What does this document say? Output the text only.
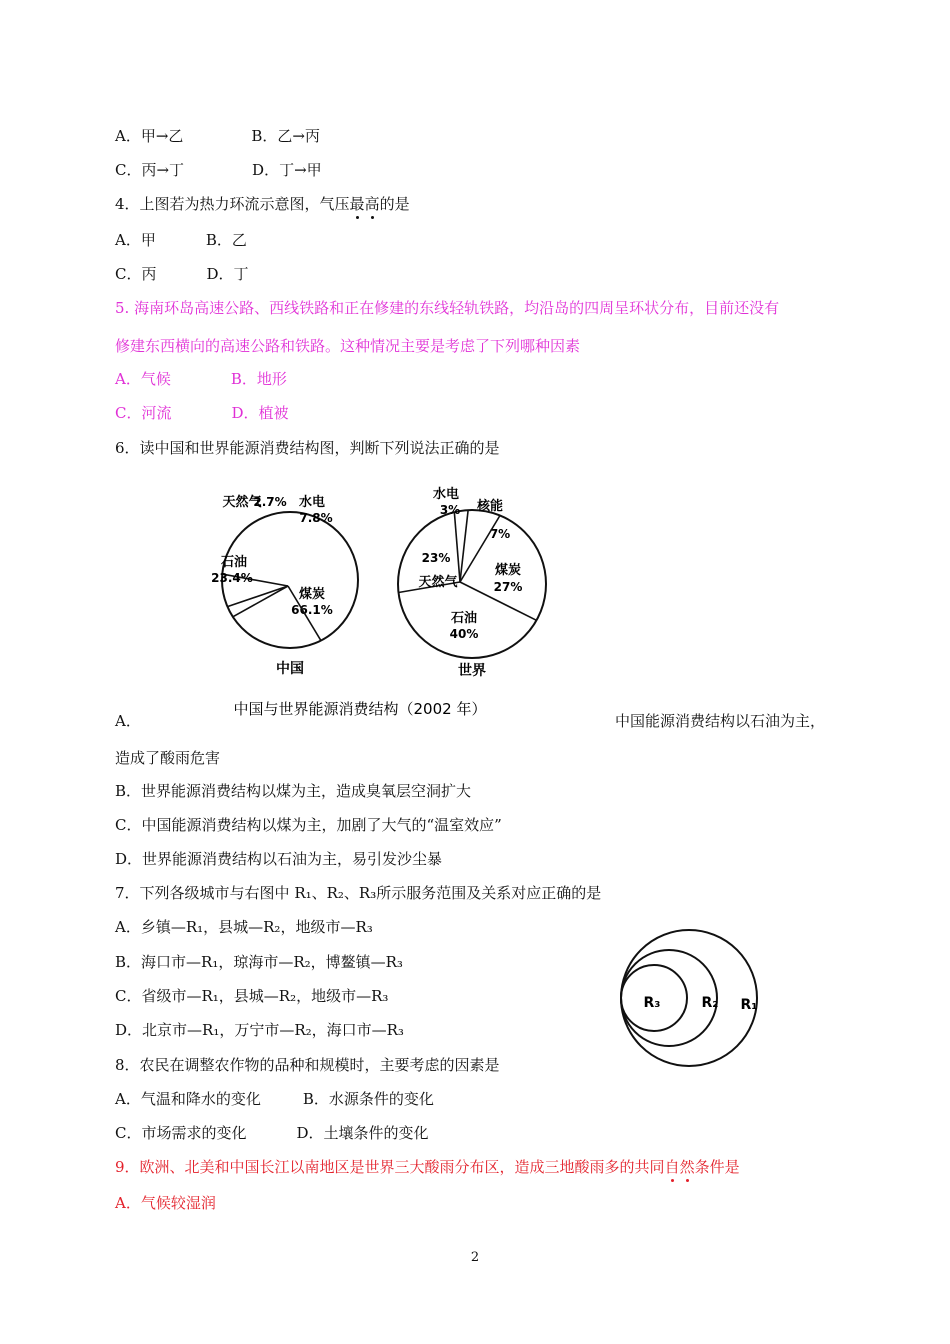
A．甲→乙	B．乙→丙
C．丙→丁	D．丁→甲
4．上图若为热力环流示意图，气压最高的是
A．甲	B．乙
C．丙	D．丁
5. 海南环岛高速公路、西线铁路和正在修建的东线轻轨铁路，均沿岛的四周呈环状分布，目前还没有
修建东西横向的高速公路和铁路。这种情况主要是考虑了下列哪种因素
A．气候	B．地形
C．河流	D．植被
6．读中国和世界能源消费结构图，判断下列说法正确的是
煤炭
66.1%
石油
23.4%
天然气
2.7% 水电
7.8%
中国
核能
7%
煤炭
27%
石油
40%
天然气
23%
水电
3%
世界
中国与世界能源消费结构（2002 年）
A．	中国能源消费结构以石油为主，
造成了酸雨危害
B．世界能源消费结构以煤为主，造成臭氧层空洞扩大
C．中国能源消费结构以煤为主，加剧了大气的“温室效应”
D．世界能源消费结构以石油为主，易引发沙尘暴
7．下列各级城市与右图中 R₁、R₂、R₃所示服务范围及关系对应正确的是
A．乡镇—R₁，县城—R₂，地级市—R₃
B．海口市—R₁，琼海市—R₂，博鳌镇—R₃
C．省级市—R₁，县城—R₂，地级市—R₃
D．北京市—R₁，万宁市—R₂，海口市—R₃
R₃	R₂ R₁
8．农民在调整农作物的品种和规模时，主要考虑的因素是
A．气温和降水的变化	B．水源条件的变化
C．市场需求的变化	D．土壤条件的变化
9．欧洲、北美和中国长江以南地区是世界三大酸雨分布区，造成三地酸雨多的共同自然条件是
A．气候较湿润
2
